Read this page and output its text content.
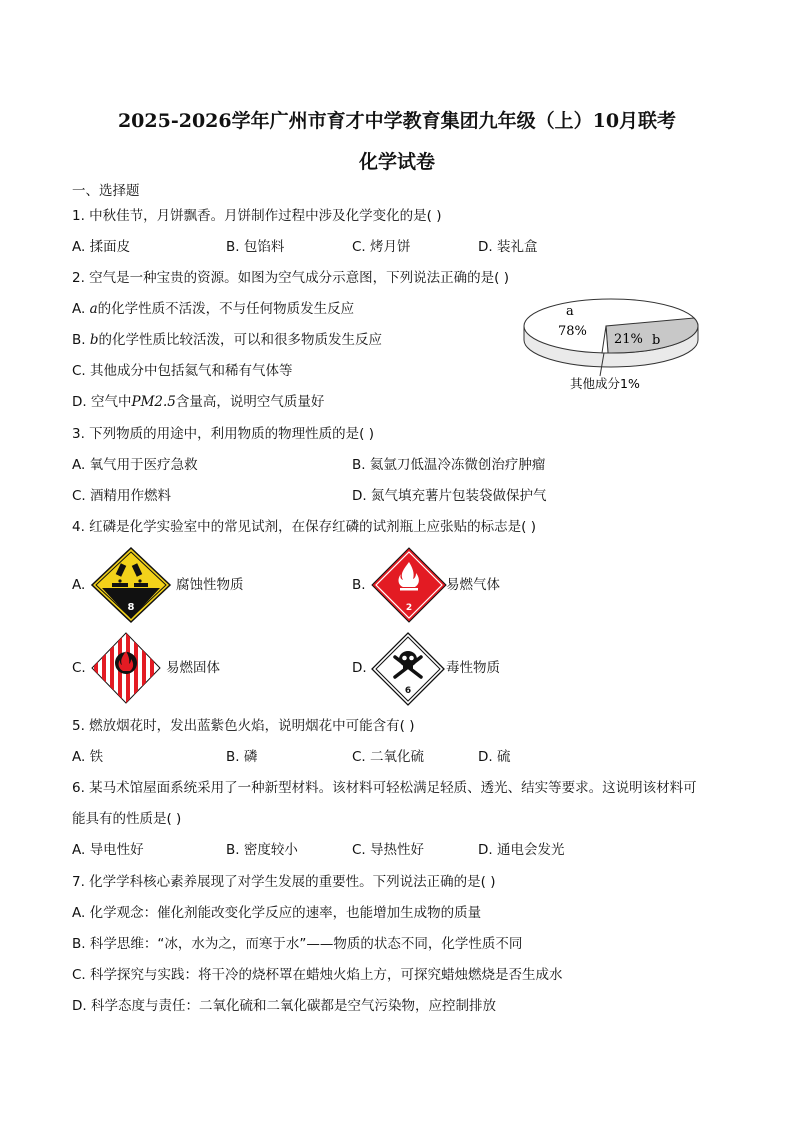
2025-2026学年广州市育才中学教育集团九年级（上）10月联考
化学试卷
一、选择题
1. 中秋佳节，月饼飘香。月饼制作过程中涉及化学变化的是( )
A. 揉面皮	B. 包馅料	C. 烤月饼	D. 装礼盒
2. 空气是一种宝贵的资源。如图为空气成分示意图，下列说法正确的是( )
A. a的化学性质不活泼，不与任何物质发生反应
B. b的化学性质比较活泼，可以和很多物质发生反应
C. 其他成分中包括氦气和稀有气体等
D. 空气中PM2.5含量高，说明空气质量好
a
78%
21% b
其他成分1%
3. 下列物质的用途中，利用物质的物理性质的是( )
A. 氧气用于医疗急救	B. 氦氩刀低温冷冻微创治疗肿瘤
C. 酒精用作燃料	D. 氮气填充薯片包装袋做保护气
4. 红磷是化学实验室中的常见试剂，在保存红磷的试剂瓶上应张贴的标志是( )
A.
8
腐蚀性物质	B.
2
易燃气体
C.	易燃固体	D.
6
毒性物质
5. 燃放烟花时，发出蓝紫色火焰，说明烟花中可能含有( )
A. 铁	B. 磷	C. 二氧化硫	D. 硫
6. 某马术馆屋面系统采用了一种新型材料。该材料可轻松满足轻质、透光、结实等要求。这说明该材料可
能具有的性质是( )
A. 导电性好	B. 密度较小	C. 导热性好	D. 通电会发光
7. 化学学科核心素养展现了对学生发展的重要性。下列说法正确的是( )
A. 化学观念：催化剂能改变化学反应的速率，也能增加生成物的质量
B. 科学思维：“冰，水为之，而寒于水”——物质的状态不同，化学性质不同
C. 科学探究与实践：将干冷的烧杯罩在蜡烛火焰上方，可探究蜡烛燃烧是否生成水
D. 科学态度与责任：二氧化硫和二氧化碳都是空气污染物，应控制排放
